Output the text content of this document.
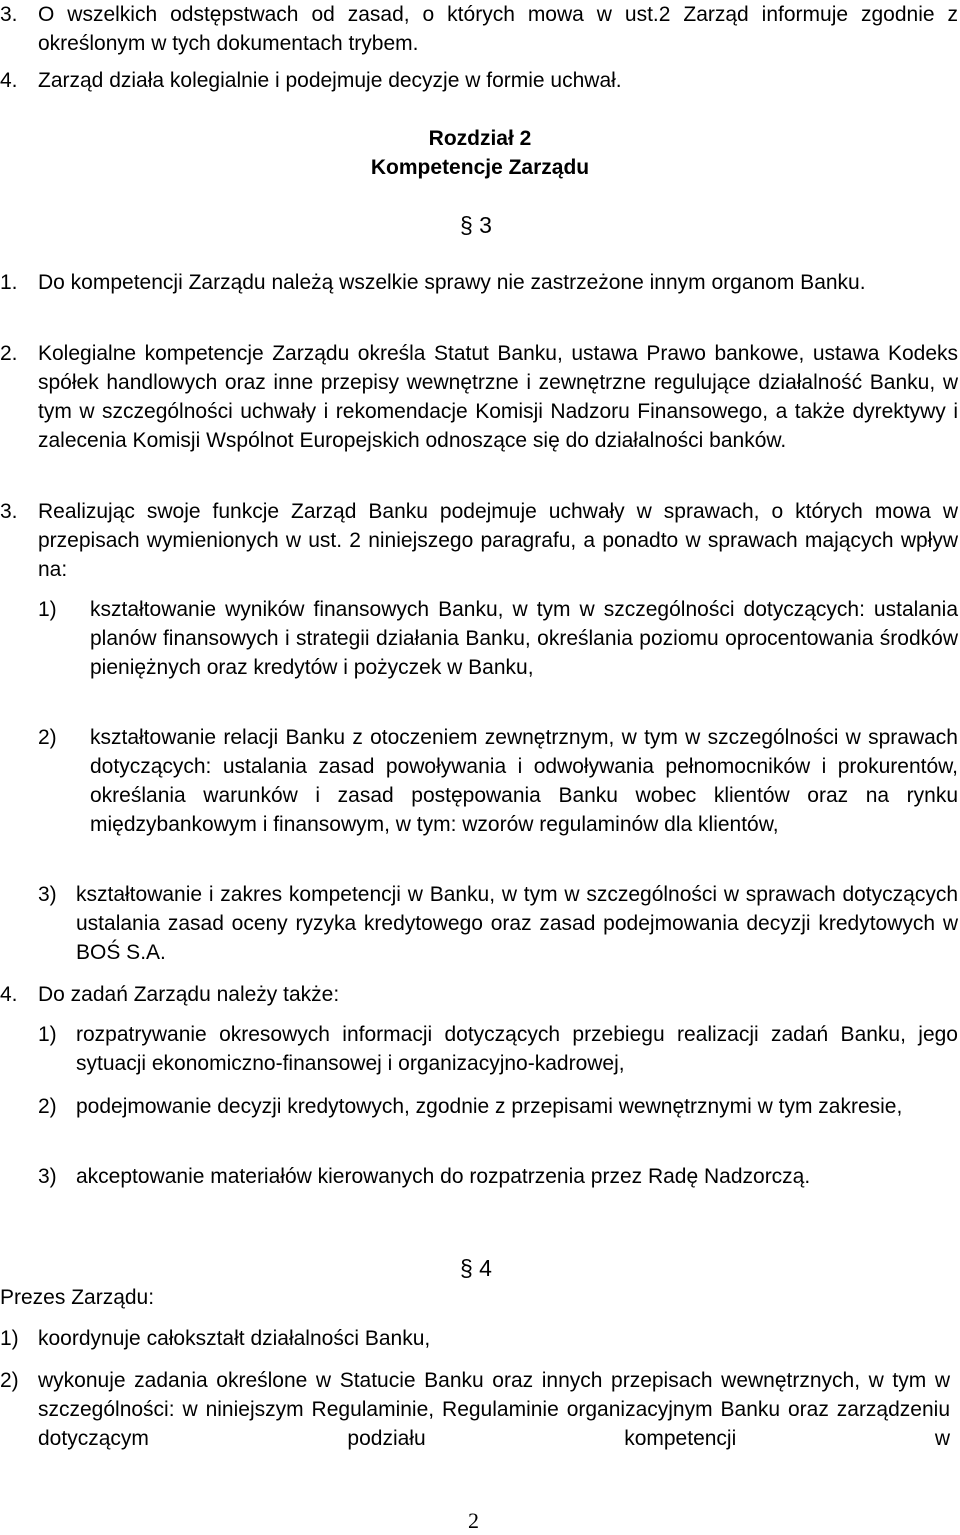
3. O wszelkich odstępstwach od zasad, o których mowa w ust.2 Zarząd informuje zgodnie z określonym w tych dokumentach trybem.
4. Zarząd działa kolegialnie i podejmuje decyzje w formie uchwał.
Rozdział 2
Kompetencje Zarządu
§ 3
1. Do kompetencji Zarządu należą wszelkie sprawy nie zastrzeżone innym organom Banku.
2. Kolegialne kompetencje Zarządu określa Statut Banku, ustawa Prawo bankowe, ustawa Kodeks spółek handlowych oraz inne przepisy wewnętrzne i zewnętrzne regulujące działalność Banku, w tym w szczególności uchwały i rekomendacje Komisji Nadzoru Finansowego, a także dyrektywy i zalecenia Komisji Wspólnot Europejskich odnoszące się do działalności banków.
3. Realizując swoje funkcje Zarząd Banku podejmuje uchwały w sprawach, o których mowa w przepisach wymienionych w ust. 2 niniejszego paragrafu, a ponadto w sprawach mających wpływ na:
1) kształtowanie wyników finansowych Banku, w tym w szczególności dotyczących: ustalania planów finansowych i strategii działania Banku, określania poziomu oprocentowania środków pieniężnych oraz kredytów i pożyczek w Banku,
2) kształtowanie relacji Banku z otoczeniem zewnętrznym, w tym w szczególności w sprawach dotyczących: ustalania zasad powoływania i odwoływania pełnomocników i prokurentów, określania warunków i zasad postępowania Banku wobec klientów oraz na rynku międzybankowym i finansowym, w tym: wzorów regulaminów dla klientów,
3) kształtowanie i zakres kompetencji w Banku, w tym w szczególności w sprawach dotyczących ustalania zasad oceny ryzyka kredytowego oraz zasad podejmowania decyzji kredytowych w BOŚ S.A.
4. Do zadań Zarządu należy także:
1) rozpatrywanie okresowych informacji dotyczących przebiegu realizacji zadań Banku, jego sytuacji ekonomiczno-finansowej i organizacyjno-kadrowej,
2) podejmowanie decyzji kredytowych, zgodnie z przepisami wewnętrznymi w tym zakresie,
3) akceptowanie materiałów kierowanych do rozpatrzenia przez Radę Nadzorczą.
§ 4
Prezes Zarządu:
1) koordynuje całokształt działalności Banku,
2) wykonuje zadania określone w Statucie Banku oraz innych przepisach wewnętrznych, w tym w szczególności: w niniejszym Regulaminie, Regulaminie organizacyjnym Banku oraz zarządzeniu dotyczącym podziału kompetencji w
2
